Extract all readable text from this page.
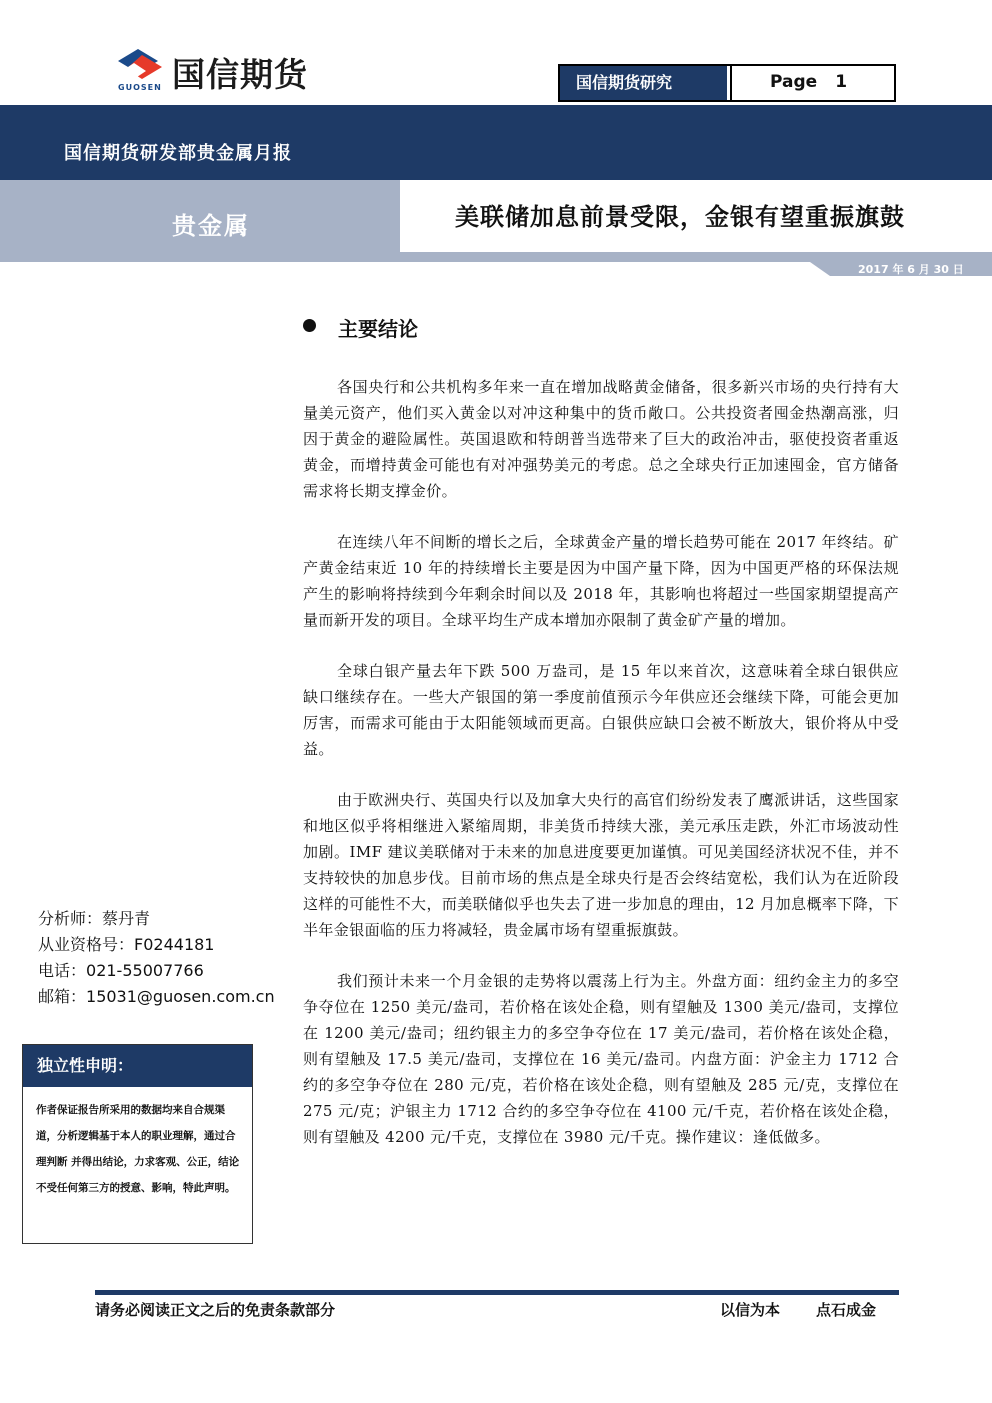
GUOSEN 国信期货	国信期货研究	Page 1
国信期货研发部贵金属月报
贵金属	美联储加息前景受限，金银有望重振旗鼓
2017 年 6 月 30 日
主要结论

各国央行和公共机构多年来一直在增加战略黄金储备，很多新兴市场的央行持有大量美元资产，他们买入黄金以对冲这种集中的货币敞口。公共投资者囤金热潮高涨，归因于黄金的避险属性。英国退欧和特朗普当选带来了巨大的政治冲击，驱使投资者重返黄金，而增持黄金可能也有对冲强势美元的考虑。总之全球央行正加速囤金，官方储备需求将长期支撑金价。

在连续八年不间断的增长之后，全球黄金产量的增长趋势可能在 2017 年终结。矿产黄金结束近 10 年的持续增长主要是因为中国产量下降，因为中国更严格的环保法规产生的影响将持续到今年剩余时间以及 2018 年，其影响也将超过一些国家期望提高产量而新开发的项目。全球平均生产成本增加亦限制了黄金矿产量的增加。

全球白银产量去年下跌 500 万盎司，是 15 年以来首次，这意味着全球白银供应缺口继续存在。一些大产银国的第一季度前值预示今年供应还会继续下降，可能会更加厉害，而需求可能由于太阳能领域而更高。白银供应缺口会被不断放大，银价将从中受益。

由于欧洲央行、英国央行以及加拿大央行的高官们纷纷发表了鹰派讲话，这些国家和地区似乎将相继进入紧缩周期，非美货币持续大涨，美元承压走跌，外汇市场波动性加剧。IMF 建议美联储对于未来的加息进度要更加谨慎。可见美国经济状况不佳，并不支持较快的加息步伐。目前市场的焦点是全球央行是否会终结宽松，我们认为在近阶段这样的可能性不大，而美联储似乎也失去了进一步加息的理由，12 月加息概率下降，下半年金银面临的压力将减轻，贵金属市场有望重振旗鼓。

我们预计未来一个月金银的走势将以震荡上行为主。外盘方面：纽约金主力的多空争夺位在 1250 美元/盎司，若价格在该处企稳，则有望触及 1300 美元/盎司，支撑位在 1200 美元/盎司；纽约银主力的多空争夺位在 17 美元/盎司，若价格在该处企稳，则有望触及 17.5 美元/盎司，支撑位在 16 美元/盎司。内盘方面：沪金主力 1712 合约的多空争夺位在 280 元/克，若价格在该处企稳，则有望触及 285 元/克，支撑位在 275 元/克；沪银主力 1712 合约的多空争夺位在 4100 元/千克，若价格在该处企稳，则有望触及 4200 元/千克，支撑位在 3980 元/千克。操作建议：逢低做多。

分析师：蔡丹青
从业资格号：F0244181
电话：021-55007766
邮箱：15031@guosen.com.cn
独立性申明：
作者保证报告所采用的数据均来自合规渠道，分析逻辑基于本人的职业理解，通过合理判断 并得出结论，力求客观、公正，结论不受任何第三方的授意、影响，特此声明。
请务必阅读正文之后的免责条款部分	以信为本 点石成金
